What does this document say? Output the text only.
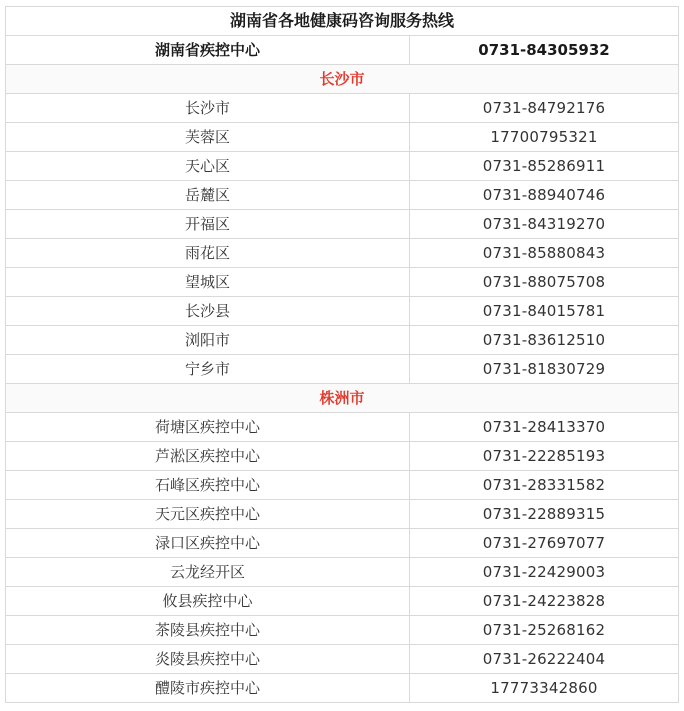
湖南省各地健康码咨询服务热线	
湖南省疾控中心	0731-84305932
长沙市	
长沙市	0731-84792176
芙蓉区	17700795321
天心区	0731-85286911
岳麓区	0731-88940746
开福区	0731-84319270
雨花区	0731-85880843
望城区	0731-88075708
长沙县	0731-84015781
浏阳市	0731-83612510
宁乡市	0731-81830729
株洲市	
荷塘区疾控中心	0731-28413370
芦淞区疾控中心	0731-22285193
石峰区疾控中心	0731-28331582
天元区疾控中心	0731-22889315
渌口区疾控中心	0731-27697077
云龙经开区	0731-22429003
攸县疾控中心	0731-24223828
茶陵县疾控中心	0731-25268162
炎陵县疾控中心	0731-26222404
醴陵市疾控中心	17773342860
